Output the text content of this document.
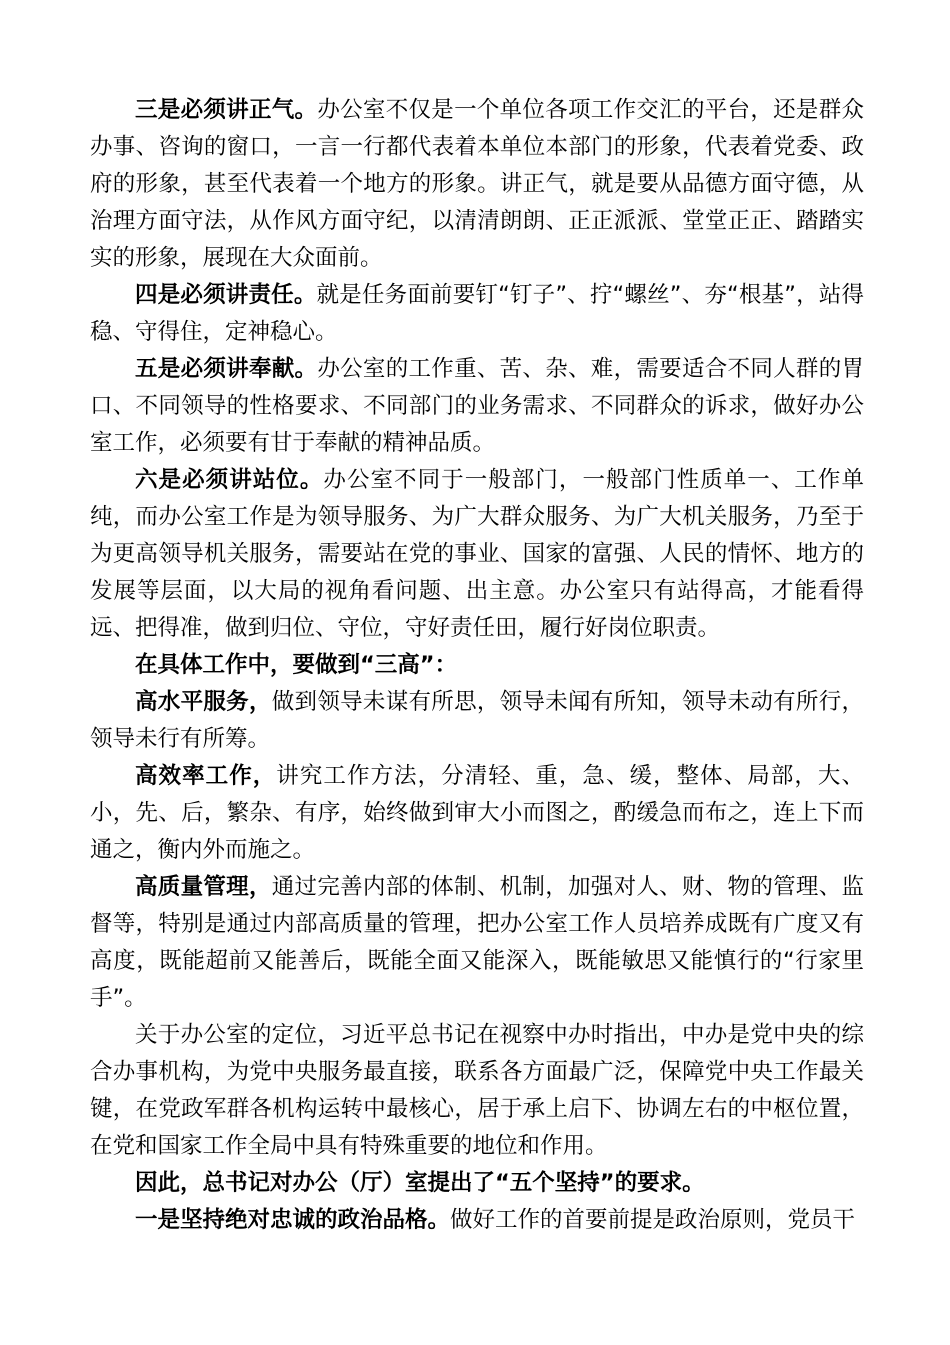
三是必须讲正气。办公室不仅是一个单位各项工作交汇的平台，还是群众办事、咨询的窗口，一言一行都代表着本单位本部门的形象，代表着党委、政府的形象，甚至代表着一个地方的形象。讲正气，就是要从品德方面守德，从治理方面守法，从作风方面守纪，以清清朗朗、正正派派、堂堂正正、踏踏实实的形象，展现在大众面前。

四是必须讲责任。就是任务面前要钉“钉子”、拧“螺丝”、夯“根基”，站得稳、守得住，定神稳心。

五是必须讲奉献。办公室的工作重、苦、杂、难，需要适合不同人群的胃口、不同领导的性格要求、不同部门的业务需求、不同群众的诉求，做好办公室工作，必须要有甘于奉献的精神品质。

六是必须讲站位。办公室不同于一般部门，一般部门性质单一、工作单纯，而办公室工作是为领导服务、为广大群众服务、为广大机关服务，乃至于为更高领导机关服务，需要站在党的事业、国家的富强、人民的情怀、地方的发展等层面，以大局的视角看问题、出主意。办公室只有站得高，才能看得远、把得准，做到归位、守位，守好责任田，履行好岗位职责。

在具体工作中，要做到“三高”：

高水平服务，做到领导未谋有所思，领导未闻有所知，领导未动有所行，领导未行有所筹。

高效率工作，讲究工作方法，分清轻、重，急、缓，整体、局部，大、小，先、后，繁杂、有序，始终做到审大小而图之，酌缓急而布之，连上下而通之，衡内外而施之。

高质量管理，通过完善内部的体制、机制，加强对人、财、物的管理、监督等，特别是通过内部高质量的管理，把办公室工作人员培养成既有广度又有高度，既能超前又能善后，既能全面又能深入，既能敏思又能慎行的“行家里手”。

关于办公室的定位，习近平总书记在视察中办时指出，中办是党中央的综合办事机构，为党中央服务最直接，联系各方面最广泛，保障党中央工作最关键，在党政军群各机构运转中最核心，居于承上启下、协调左右的中枢位置，在党和国家工作全局中具有特殊重要的地位和作用。

因此，总书记对办公（厅）室提出了“五个坚持”的要求。

一是坚持绝对忠诚的政治品格。做好工作的首要前提是政治原则，党员干
